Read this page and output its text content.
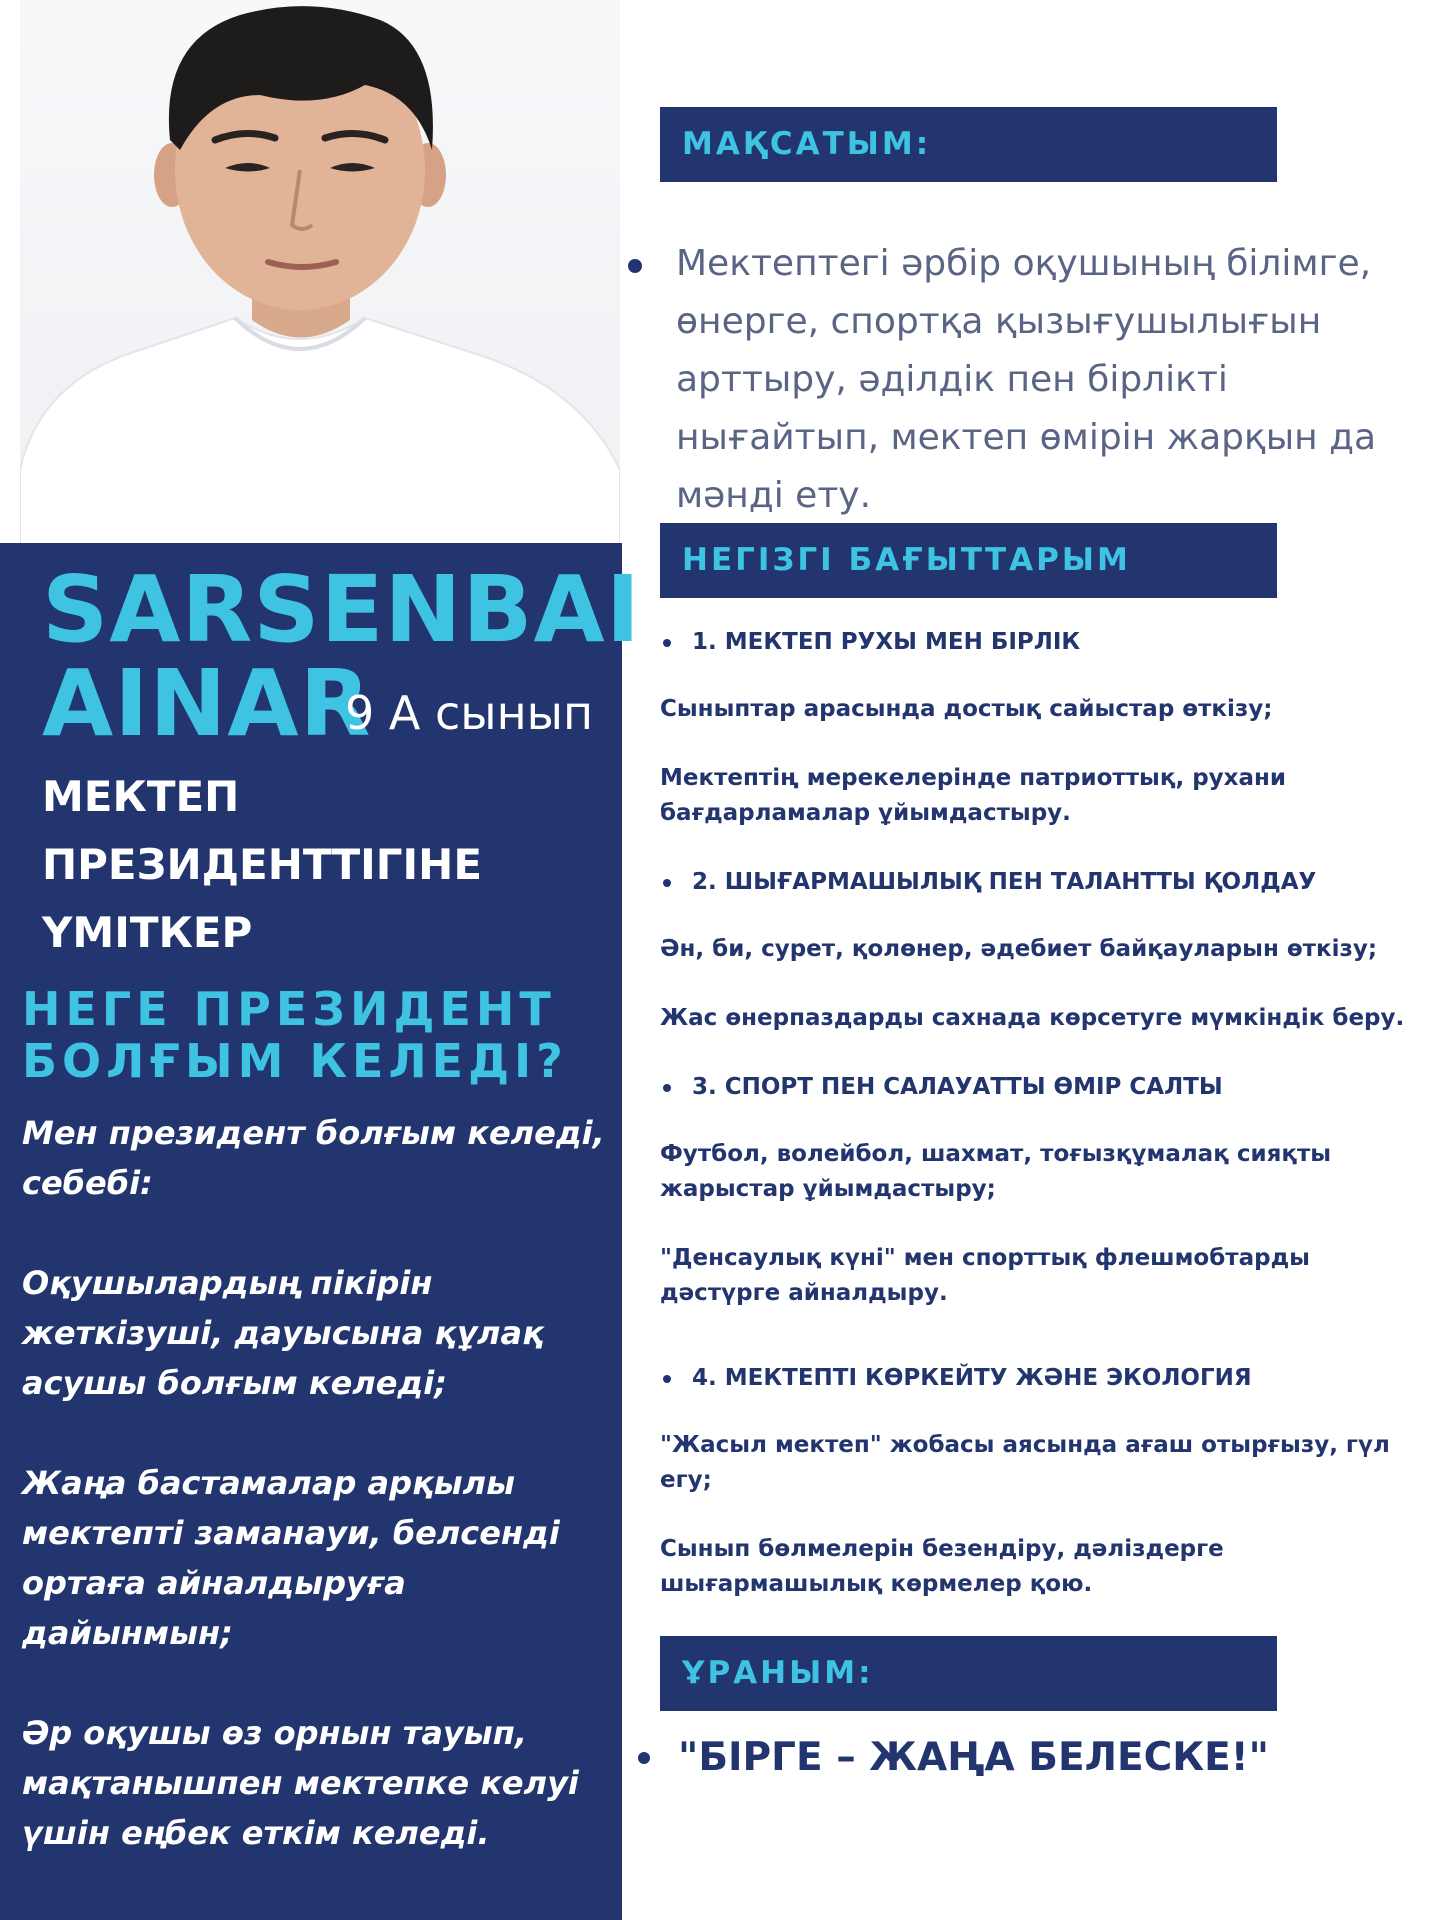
SARSENBAI
AINAR
9 А сынып
МЕКТЕП ПРЕЗИДЕНТТІГІНЕ ҮМІТКЕР
НЕГЕ ПРЕЗИДЕНТ БОЛҒЫМ КЕЛЕДІ?

Мен президент болғым келеді, себебі:

Оқушылардың пікірін жеткізуші, дауысына құлақ асушы болғым келеді;

Жаңа бастамалар арқылы мектепті заманауи, белсенді ортаға айналдыруға дайынмын;

Әр оқушы өз орнын тауып, мақтанышпен мектепке келуі үшін еңбек еткім келеді.

МАҚСАТЫМ:
Мектептегі әрбір оқушының білімге, өнерге, спортқа қызығушылығын арттыру, әділдік пен бірлікті нығайтып, мектеп өмірін жарқын да мәнді ету.
НЕГІЗГІ БАҒЫТТАРЫМ
1. МЕКТЕП РУХЫ МЕН БІРЛІК
Сыныптар арасында достық сайыстар өткізу;
Мектептің мерекелерінде патриоттық, рухани бағдарламалар ұйымдастыру.
2. ШЫҒАРМАШЫЛЫҚ ПЕН ТАЛАНТТЫ ҚОЛДАУ
Ән, би, сурет, қолөнер, әдебиет байқауларын өткізу;
Жас өнерпаздарды сахнада көрсетуге мүмкіндік беру.
3. СПОРТ ПЕН САЛАУАТТЫ ӨМІР САЛТЫ
Футбол, волейбол, шахмат, тоғызқұмалақ сияқты жарыстар ұйымдастыру;
"Денсаулық күні" мен спорттық флешмобтарды дәстүрге айналдыру.
4. МЕКТЕПТІ КӨРКЕЙТУ ЖӘНЕ ЭКОЛОГИЯ
"Жасыл мектеп" жобасы аясында ағаш отырғызу, гүл егу;
Сынып бөлмелерін безендіру, дәліздерге шығармашылық көрмелер қою.
ҰРАНЫМ:
"БІРГЕ – ЖАҢА БЕЛЕСКЕ!"
